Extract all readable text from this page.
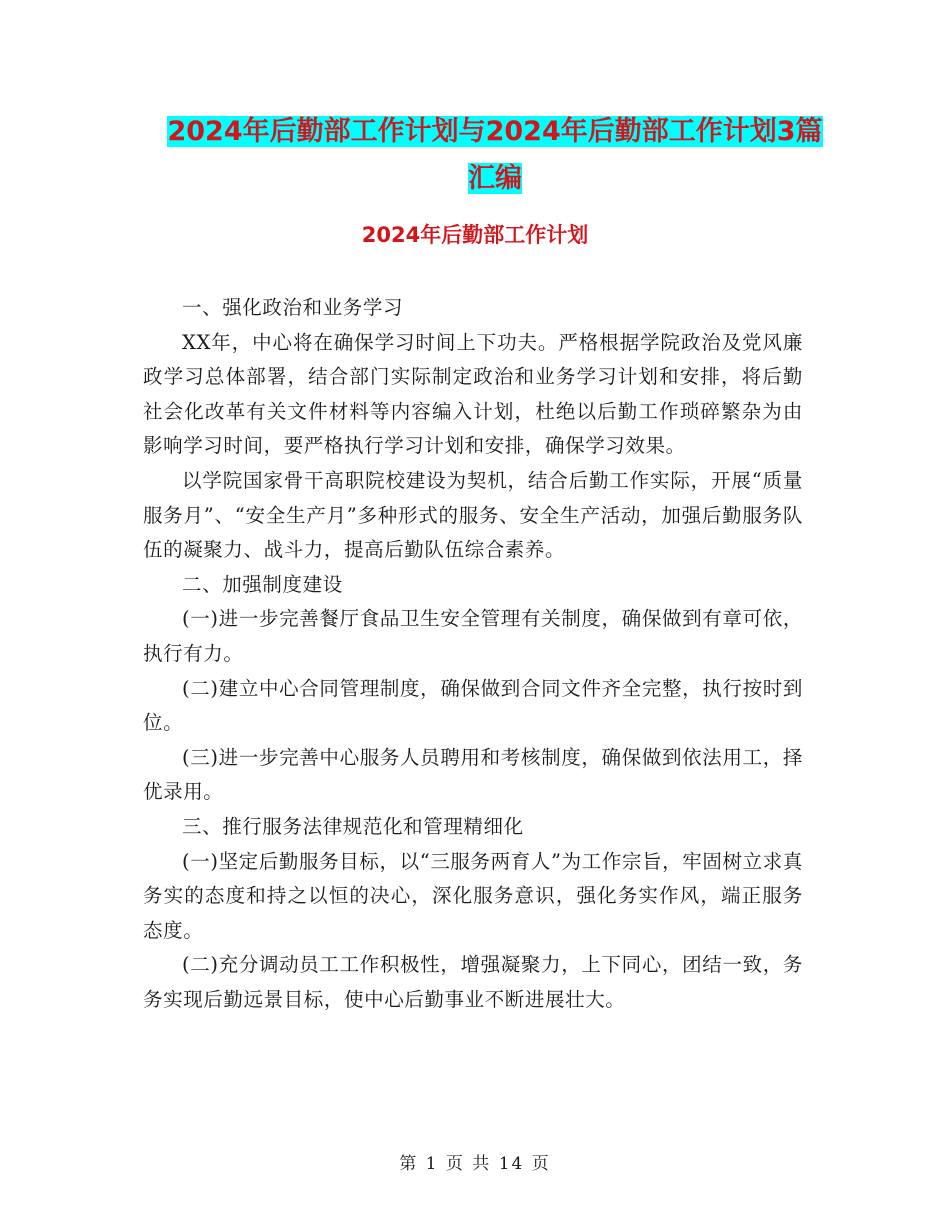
2024年后勤部工作计划与2024年后勤部工作计划3篇
汇编
2024年后勤部工作计划

一、强化政治和业务学习

XX年，中心将在确保学习时间上下功夫。严格根据学院政治及党风廉政学习总体部署，结合部门实际制定政治和业务学习计划和安排，将后勤社会化改革有关文件材料等内容编入计划，杜绝以后勤工作琐碎繁杂为由影响学习时间，要严格执行学习计划和安排，确保学习效果。

以学院国家骨干高职院校建设为契机，结合后勤工作实际，开展“质量服务月”、“安全生产月”多种形式的服务、安全生产活动，加强后勤服务队伍的凝聚力、战斗力，提高后勤队伍综合素养。

二、加强制度建设

(一)进一步完善餐厅食品卫生安全管理有关制度，确保做到有章可依，执行有力。

(二)建立中心合同管理制度，确保做到合同文件齐全完整，执行按时到位。

(三)进一步完善中心服务人员聘用和考核制度，确保做到依法用工，择优录用。

三、推行服务法律规范化和管理精细化

(一)坚定后勤服务目标，以“三服务两育人”为工作宗旨，牢固树立求真务实的态度和持之以恒的决心，深化服务意识，强化务实作风，端正服务态度。

(二)充分调动员工工作积极性，增强凝聚力，上下同心，团结一致，务务实现后勤远景目标，使中心后勤事业不断进展壮大。

第 1 页 共 14 页
